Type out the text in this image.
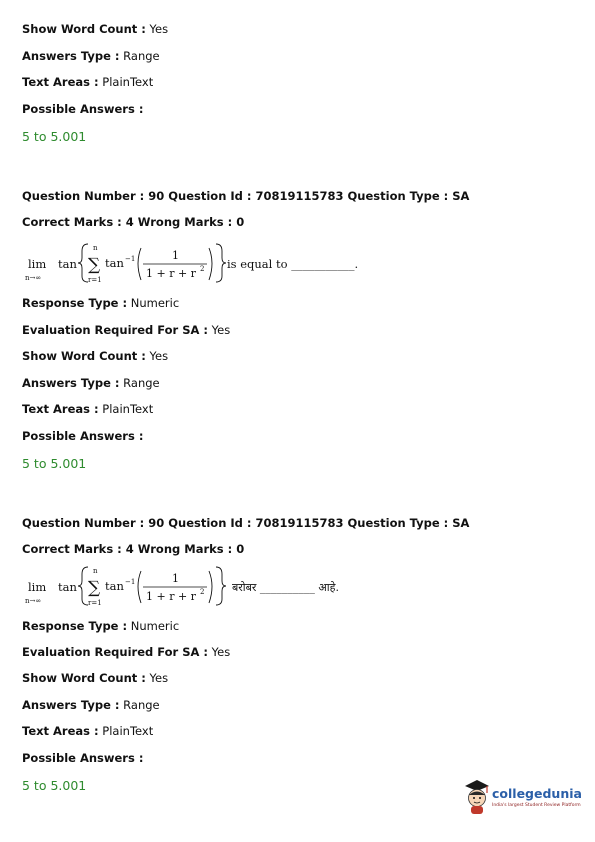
Show Word Count : Yes
Answers Type : Range
Text Areas : PlainText
Possible Answers :
5 to 5.001
Question Number : 90 Question Id : 70819115783 Question Type : SA
Correct Marks : 4 Wrong Marks : 0
lim
n→∞
tan
n
∑
r=1
tan −1	1
1 + r + r 2 is equal to ___________.
Response Type : Numeric
Evaluation Required For SA : Yes
Show Word Count : Yes
Answers Type : Range
Text Areas : PlainText
Possible Answers :
5 to 5.001
Question Number : 90 Question Id : 70819115783 Question Type : SA
Correct Marks : 4 Wrong Marks : 0
lim
n→∞
tan
n
∑
r=1
tan −1	1
1 + r + r 2	बरोबर __________ आहे.
Response Type : Numeric
Evaluation Required For SA : Yes
Show Word Count : Yes
Answers Type : Range
Text Areas : PlainText
Possible Answers :
5 to 5.001
collegedunia
India's largest Student Review Platform
